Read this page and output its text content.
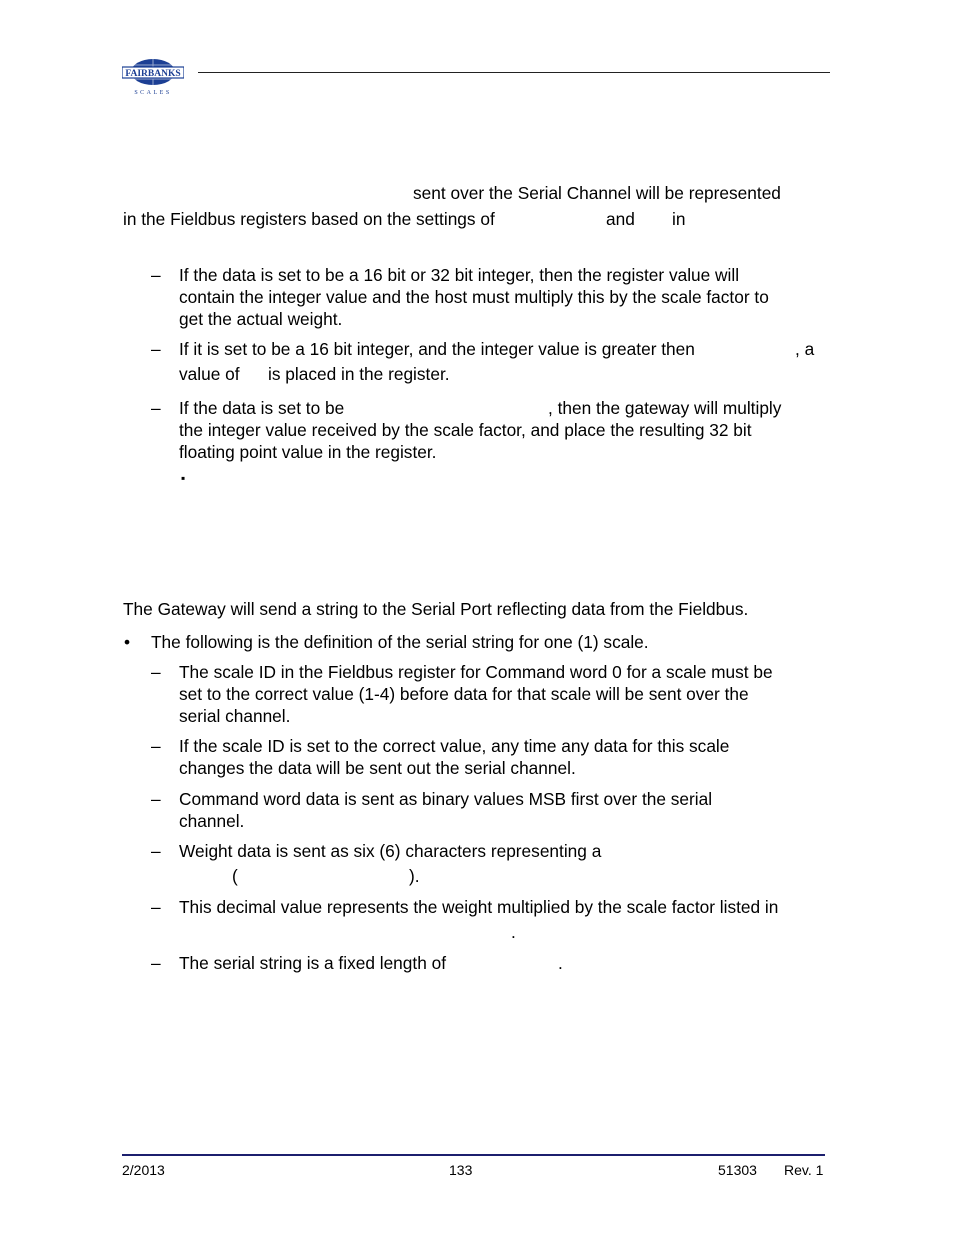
FAIRBANKS
SCALES
sent over the Serial Channel will be represented
in the Fieldbus registers based on the settings of	and in
– If the data is set to be a 16 bit or 32 bit integer, then the register value will
contain the integer value and the host must multiply this by the scale factor to
get the actual weight.
– If it is set to be a 16 bit integer, and the integer value is greater then	, a
value of is placed in the register.
– If the data is set to be	, then the gateway will multiply
the integer value received by the scale factor, and place the resulting 32 bit
floating point value in the register.
▪
The Gateway will send a string to the Serial Port reflecting data from the Fieldbus.
• The following is the definition of the serial string for one (1) scale.
– The scale ID in the Fieldbus register for Command word 0 for a scale must be
set to the correct value (1-4) before data for that scale will be sent over the
serial channel.
– If the scale ID is set to the correct value, any time any data for this scale
changes the data will be sent out the serial channel.
– Command word data is sent as binary values MSB first over the serial
channel.
– Weight data is sent as six (6) characters representing a
(	).
– This decimal value represents the weight multiplied by the scale factor listed in
.
– The serial string is a fixed length of	.
2/2013	133	51303 Rev. 1
